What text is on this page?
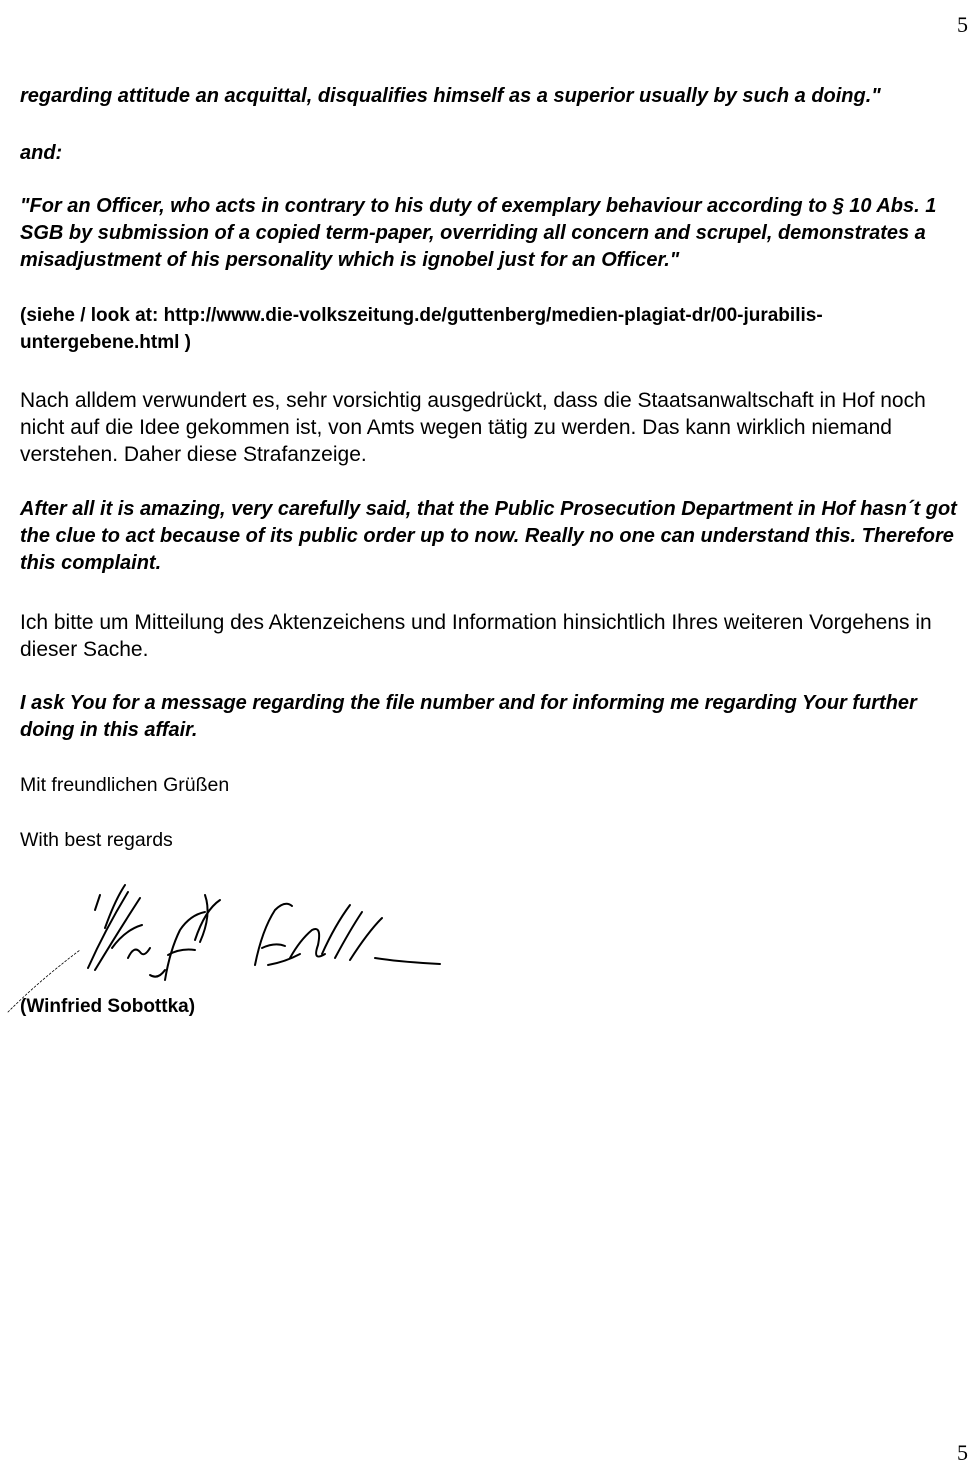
5
regarding attitude an acquittal, disqualifies himself as a superior usually by such a doing."
and:
"For an Officer, who acts in contrary to his duty of exemplary behaviour according to § 10 Abs. 1 SGB by submission of a copied term-paper, overriding all concern and scrupel, demonstrates a misadjustment of his personality which is ignobel just for an Officer."
(siehe / look at: http://www.die-volkszeitung.de/guttenberg/medien-plagiat-dr/00-jurabilis-untergebene.html )
Nach alldem verwundert es, sehr vorsichtig ausgedrückt, dass die Staatsanwaltschaft in Hof noch nicht auf die Idee gekommen ist, von Amts wegen tätig zu werden. Das kann wirklich niemand verstehen. Daher diese Strafanzeige.
After all it is amazing, very carefully said, that the Public Prosecution Department in Hof hasn´t got the clue to act because of its public order up to now. Really no one can understand this. Therefore this complaint.
Ich bitte um Mitteilung des Aktenzeichens und Information hinsichtlich Ihres weiteren Vorgehens in dieser Sache.
I ask You for a message regarding the file number and for informing me regarding Your further doing in this affair.
Mit freundlichen Grüßen
With best regards
(Winfried Sobottka)
5
